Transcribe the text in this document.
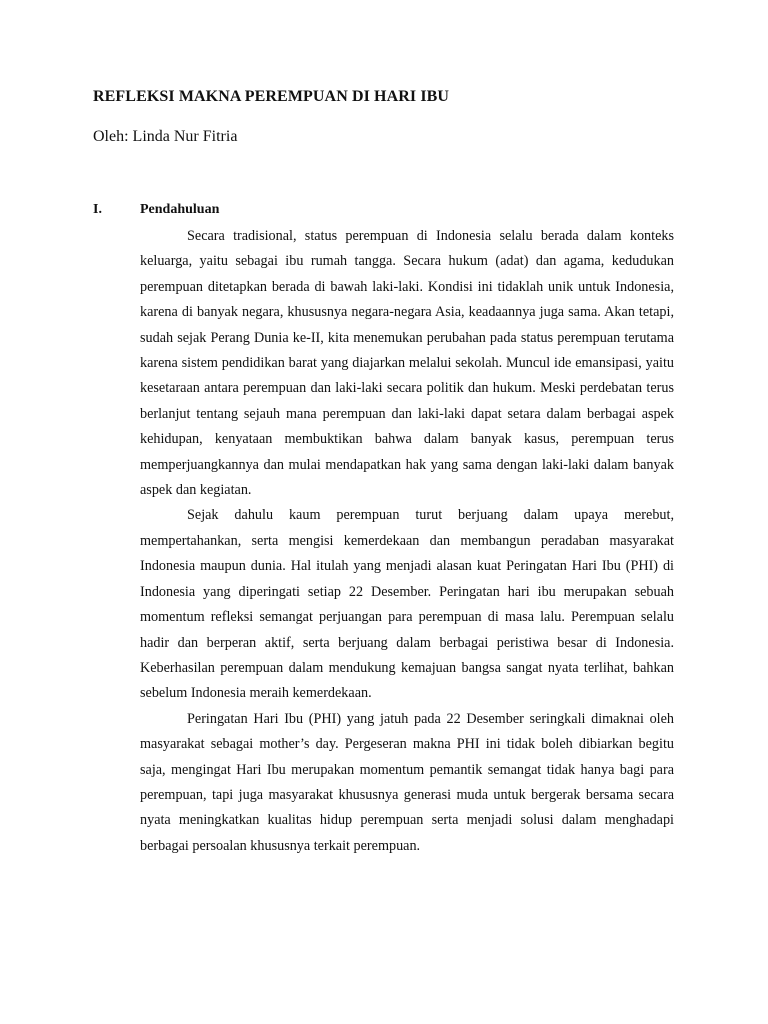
REFLEKSI MAKNA PEREMPUAN DI HARI IBU

Oleh: Linda Nur Fitria

I.	Pendahuluan

Secara tradisional, status perempuan di Indonesia selalu berada dalam konteks keluarga, yaitu sebagai ibu rumah tangga. Secara hukum (adat) dan agama, kedudukan perempuan ditetapkan berada di bawah laki-laki. Kondisi ini tidaklah unik untuk Indonesia, karena di banyak negara, khususnya negara-negara Asia, keadaannya juga sama. Akan tetapi, sudah sejak Perang Dunia ke-II, kita menemukan perubahan pada status perempuan terutama karena sistem pendidikan barat yang diajarkan melalui sekolah. Muncul ide emansipasi, yaitu kesetaraan antara perempuan dan laki-laki secara politik dan hukum. Meski perdebatan terus berlanjut tentang sejauh mana perempuan dan laki-laki dapat setara dalam berbagai aspek kehidupan, kenyataan membuktikan bahwa dalam banyak kasus, perempuan terus memperjuangkannya dan mulai mendapatkan hak yang sama dengan laki-laki dalam banyak aspek dan kegiatan.

Sejak dahulu kaum perempuan turut berjuang dalam upaya merebut, mempertahankan, serta mengisi kemerdekaan dan membangun peradaban masyarakat Indonesia maupun dunia. Hal itulah yang menjadi alasan kuat Peringatan Hari Ibu (PHI) di Indonesia yang diperingati setiap 22 Desember. Peringatan hari ibu merupakan sebuah momentum refleksi semangat perjuangan para perempuan di masa lalu. Perempuan selalu hadir dan berperan aktif, serta berjuang dalam berbagai peristiwa besar di Indonesia. Keberhasilan perempuan dalam mendukung kemajuan bangsa sangat nyata terlihat, bahkan sebelum Indonesia meraih kemerdekaan.

Peringatan Hari Ibu (PHI) yang jatuh pada 22 Desember seringkali dimaknai oleh masyarakat sebagai mother’s day. Pergeseran makna PHI ini tidak boleh dibiarkan begitu saja, mengingat Hari Ibu merupakan momentum pemantik semangat tidak hanya bagi para perempuan, tapi juga masyarakat khususnya generasi muda untuk bergerak bersama secara nyata meningkatkan kualitas hidup perempuan serta menjadi solusi dalam menghadapi berbagai persoalan khususnya terkait perempuan.
